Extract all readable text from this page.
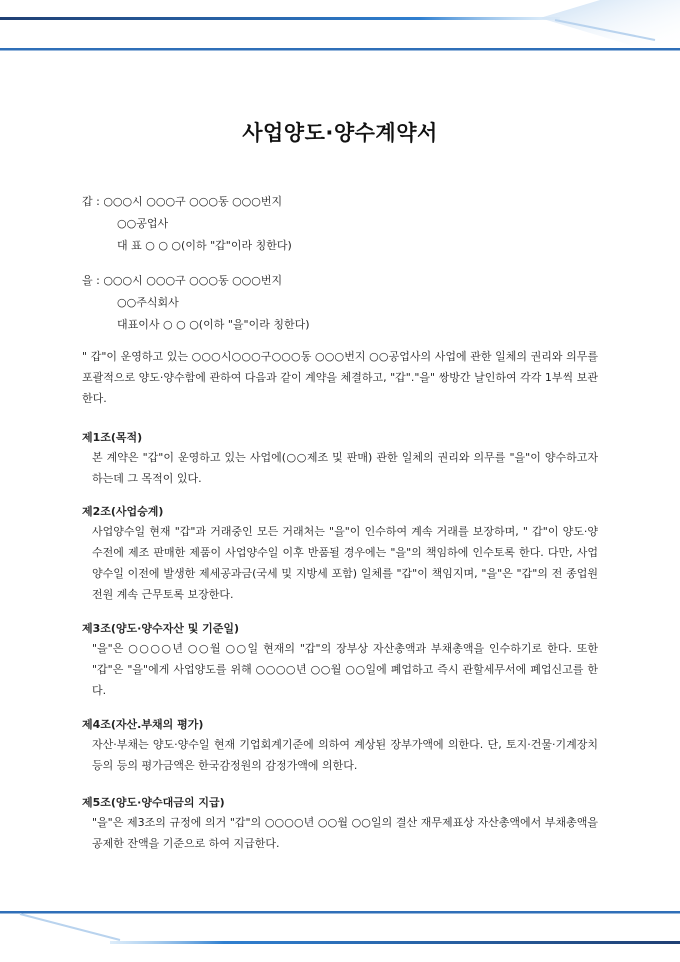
사업양도·양수계약서
갑 : ○○○시 ○○○구 ○○○동 ○○○번지
○○공업사
대 표 ○ ○ ○(이하 "갑"이라 칭한다)
을 : ○○○시 ○○○구 ○○○동 ○○○번지
○○주식회사
대표이사 ○ ○ ○(이하 "을"이라 칭한다)

" 갑"이 운영하고 있는 ○○○시○○○구○○○동 ○○○번지 ○○공업사의 사업에 관한 일체의 권리와 의무를 포괄적으로 양도·양수함에 관하여 다음과 같이 계약을 체결하고, "갑"."을" 쌍방간 날인하여 각각 1부씩 보관한다.

제1조(목적)

본 계약은 "갑"이 운영하고 있는 사업에(○○제조 및 판매) 관한 일체의 권리와 의무를 "을"이 양수하고자 하는데 그 목적이 있다.

제2조(사업승계)

사업양수일 현재 "갑"과 거래중인 모든 거래처는 "을"이 인수하여 계속 거래를 보장하며, " 갑"이 양도·양수전에 제조 판매한 제품이 사업양수일 이후 반품될 경우에는 "을"의 책임하에 인수토록 한다. 다만, 사업양수일 이전에 발생한 제세공과금(국세 및 지방세 포함) 일체를 "갑"이 책임지며, "을"은 "갑"의 전 종업원 전원 계속 근무토록 보장한다.

제3조(양도·양수자산 및 기준일)

"을"은 ○○○○년 ○○월 ○○일 현재의 "갑"의 장부상 자산총액과 부채총액을 인수하기로 한다. 또한 "갑"은 "을"에게 사업양도를 위해 ○○○○년 ○○월 ○○일에 폐업하고 즉시 관할세무서에 폐업신고를 한다.

제4조(자산.부채의 평가)

자산·부채는 양도·양수일 현재 기업회계기준에 의하여 계상된 장부가액에 의한다. 단, 토지·건물·기계장치 등의 등의 평가금액은 한국감정원의 감정가액에 의한다.

제5조(양도·양수대금의 지급)

"을"은 제3조의 규정에 의거 "갑"의 ○○○○년 ○○월 ○○일의 결산 재무제표상 자산총액에서 부채총액을 공제한 잔액을 기준으로 하여 지급한다.
